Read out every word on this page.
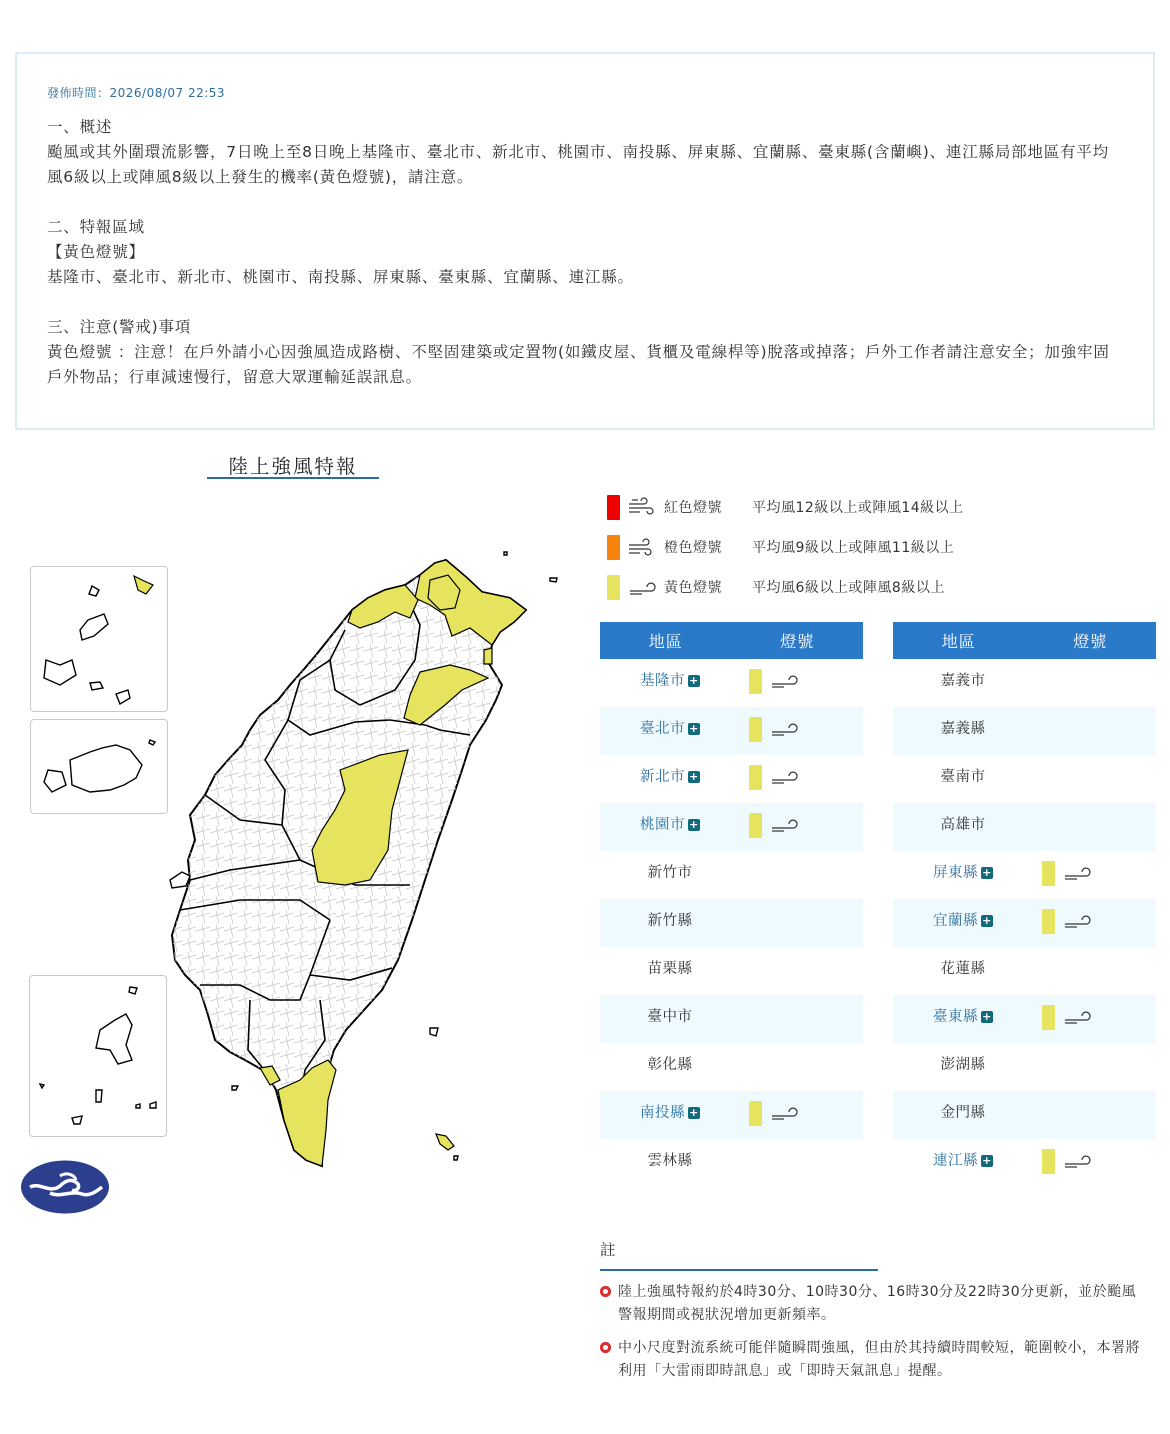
發佈時間：2026/08/07 22:53
一、概述
颱風或其外圍環流影響，7日晚上至8日晚上基隆市、臺北市、新北市、桃園市、南投縣、屏東縣、宜蘭縣、臺東縣(含蘭嶼)、連江縣局部地區有平均風6級以上或陣風8級以上發生的機率(黃色燈號)，請注意。
二、特報區域
【黃色燈號】
基隆市、臺北市、新北市、桃園市、南投縣、屏東縣、臺東縣、宜蘭縣、連江縣。
三、注意(警戒)事項
黃色燈號 ：注意！在戶外請小心因強風造成路樹、不堅固建築或定置物(如鐵皮屋、貨櫃及電線桿等)脫落或掉落；戶外工作者請注意安全；加強牢固戶外物品；行車減速慢行，留意大眾運輸延誤訊息。
陸上強風特報
紅色燈號	平均風12級以上或陣風14級以上
橙色燈號	平均風9級以上或陣風11級以上
黃色燈號	平均風6級以上或陣風8級以上
地區	燈號
基隆市 +
臺北市 +
新北市 +
桃園市 +
新竹市
新竹縣
苗栗縣
臺中市
彰化縣
南投縣 +
雲林縣
地區	燈號
嘉義市
嘉義縣
臺南市
高雄市
屏東縣 +
宜蘭縣 +
花蓮縣
臺東縣 +
澎湖縣
金門縣
連江縣 +
註
陸上強風特報約於4時30分、10時30分、16時30分及22時30分更新，並於颱風警報期間或視狀況增加更新頻率。
中小尺度對流系統可能伴隨瞬間強風，但由於其持續時間較短，範圍較小，本署將利用「大雷雨即時訊息」或「即時天氣訊息」提醒。
